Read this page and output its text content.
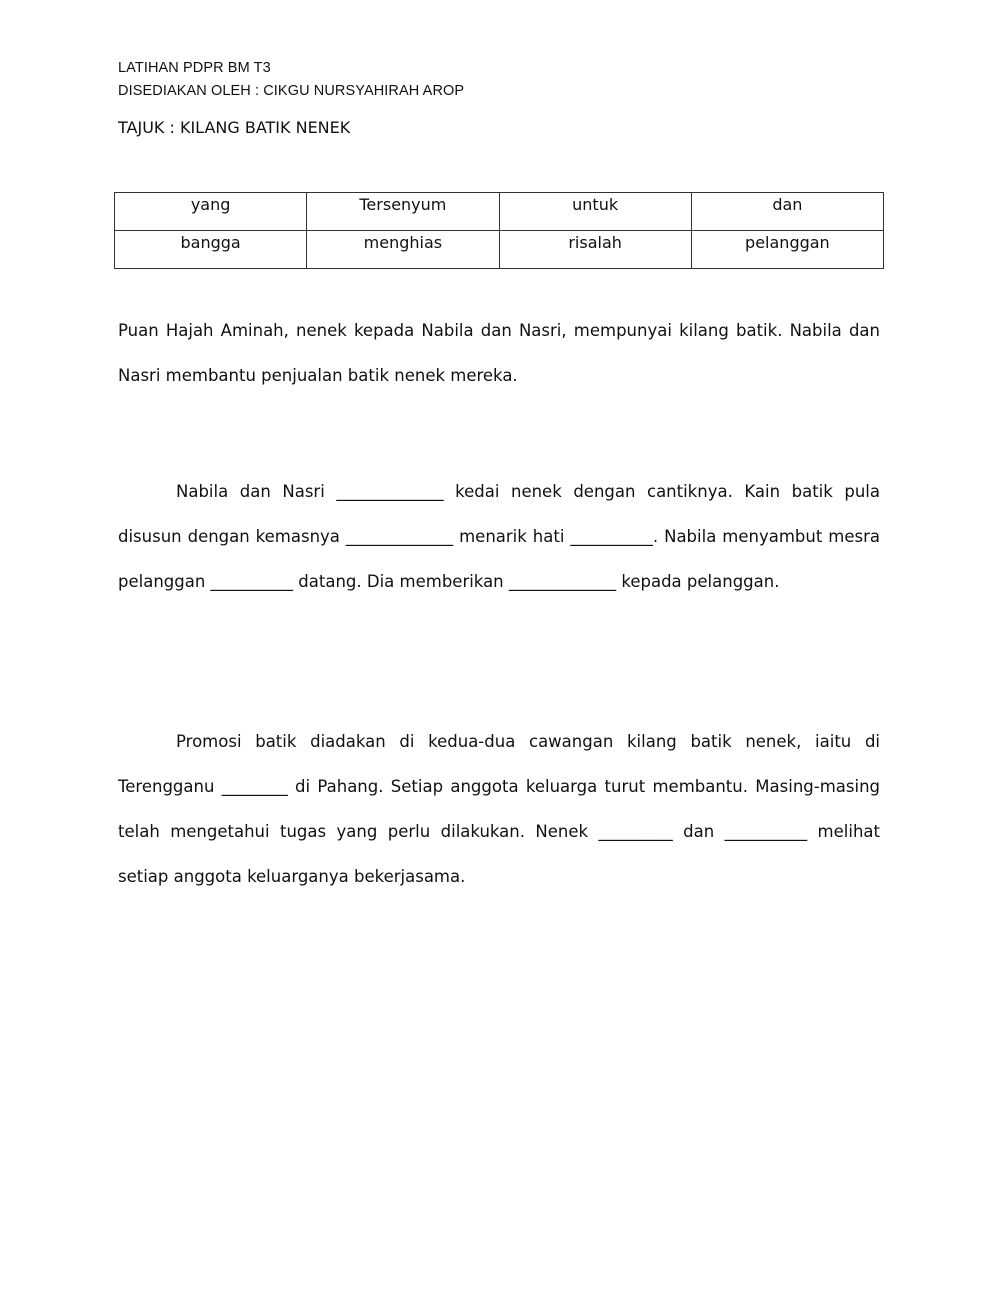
LATIHAN PDPR BM T3
DISEDIAKAN OLEH : CIKGU NURSYAHIRAH AROP
TAJUK : KILANG BATIK NENEK
yang	Tersenyum	untuk	dan
bangga	menghias	risalah	pelanggan

Puan Hajah Aminah, nenek kepada Nabila dan Nasri, mempunyai kilang batik. Nabila dan Nasri membantu penjualan batik nenek mereka.

Nabila dan Nasri _____________ kedai nenek dengan cantiknya. Kain batik pula disusun dengan kemasnya _____________ menarik hati __________. Nabila menyambut mesra pelanggan __________ datang. Dia memberikan _____________ kepada pelanggan.

Promosi batik diadakan di kedua-dua cawangan kilang batik nenek, iaitu di Terengganu ________ di Pahang. Setiap anggota keluarga turut membantu. Masing-masing telah mengetahui tugas yang perlu dilakukan. Nenek _________ dan __________ melihat setiap anggota keluarganya bekerjasama.
